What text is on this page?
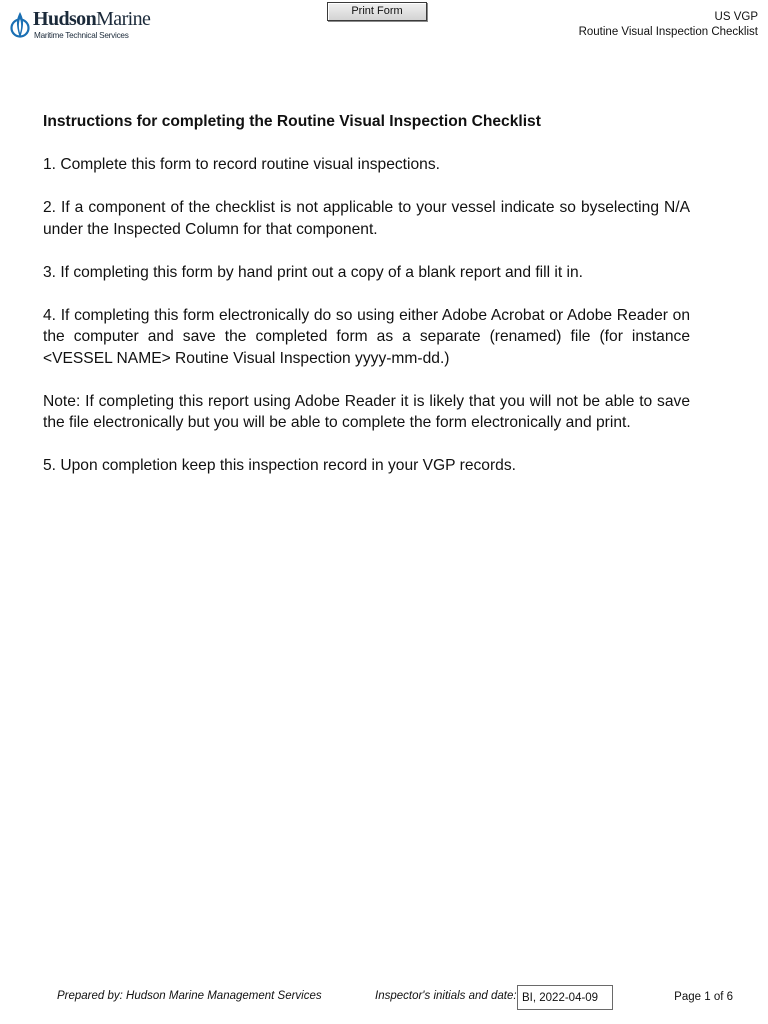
HudsonMarine
Maritime Technical Services
Print Form	US VGP
Routine Visual Inspection Checklist
Instructions for completing the Routine Visual Inspection Checklist

1. Complete this form to record routine visual inspections.

2. If a component of the checklist is not applicable to your vessel indicate so byselecting N/A under the Inspected Column for that component.

3. If completing this form by hand print out a copy of a blank report and fill it in.

4. If completing this form electronically do so using either Adobe Acrobat or Adobe Reader on the computer and save the completed form as a separate (renamed) file (for instance <VESSEL NAME> Routine Visual Inspection yyyy-mm-dd.)

Note: If completing this report using Adobe Reader it is likely that you will not be able to save the file electronically but you will be able to complete the form electronically and print.

5. Upon completion keep this inspection record in your VGP records.

Prepared by: Hudson Marine Management Services	Inspector's initials and date:
BI, 2022-04-09	Page 1 of 6
